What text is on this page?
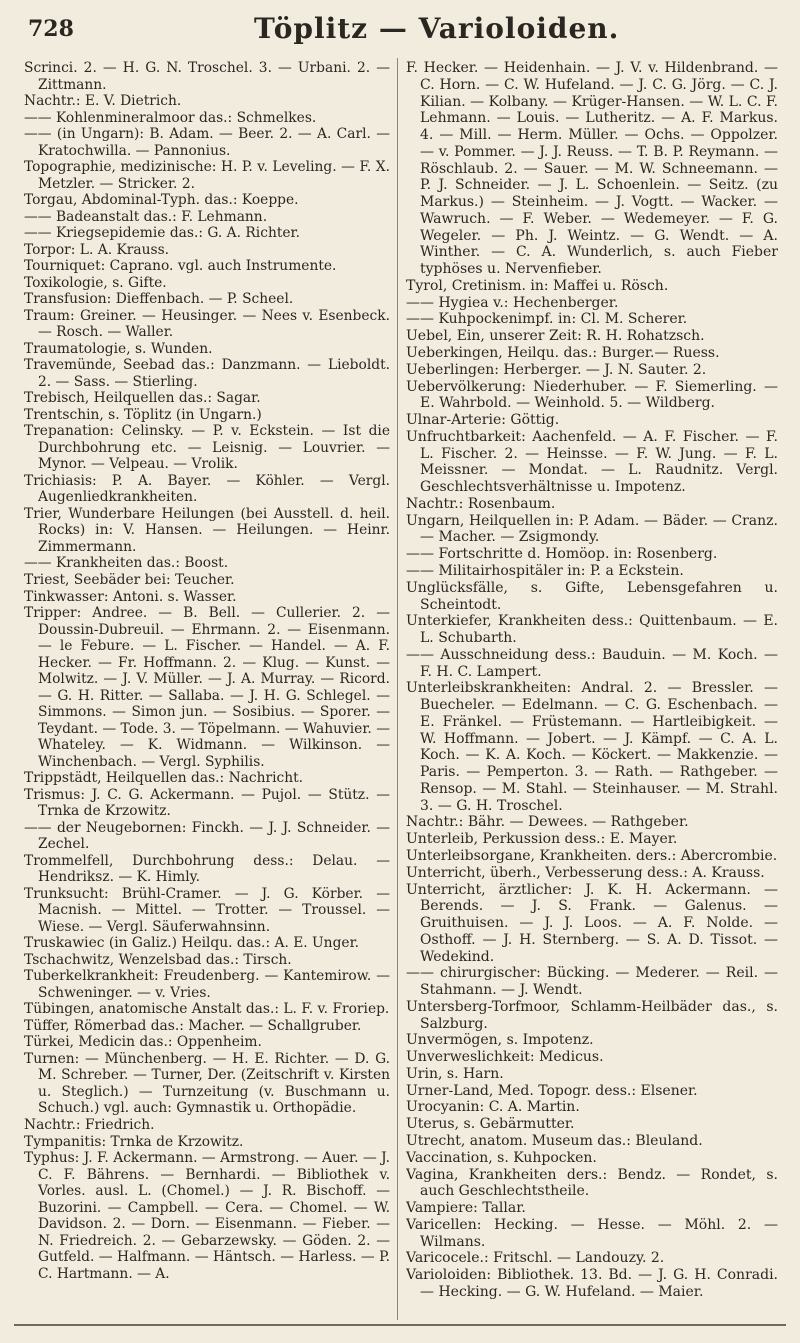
728	Töplitz — Varioloiden.

Scrinci. 2. — H. G. N. Troschel. 3. — Urbani. 2. — Zittmann.

Nachtr.: E. V. Dietrich.

—— Kohlenmineralmoor das.: Schmelkes.

—— (in Ungarn): B. Adam. — Beer. 2. — A. Carl. — Kratochwilla. — Pannonius.

Topographie, medizinische: H. P. v. Leveling. — F. X. Metzler. — Stricker. 2.

Torgau, Abdominal-Typh. das.: Koeppe.

—— Badeanstalt das.: F. Lehmann.

—— Kriegsepidemie das.: G. A. Richter.

Torpor: L. A. Krauss.

Tourniquet: Caprano. vgl. auch Instrumente.

Toxikologie, s. Gifte.

Transfusion: Dieffenbach. — P. Scheel.

Traum: Greiner. — Heusinger. — Nees v. Esenbeck. — Rosch. — Waller.

Traumatologie, s. Wunden.

Travemünde, Seebad das.: Danzmann. — Lieboldt. 2. — Sass. — Stierling.

Trebisch, Heilquellen das.: Sagar.

Trentschin, s. Töplitz (in Ungarn.)

Trepanation: Celinsky. — P. v. Eckstein. — Ist die Durchbohrung etc. — Leisnig. — Louvrier. — Mynor. — Velpeau. — Vrolik.

Trichiasis: P. A. Bayer. — Köhler. — Vergl. Augenliedkrankheiten.

Trier, Wunderbare Heilungen (bei Ausstell. d. heil. Rocks) in: V. Hansen. — Heilungen. — Heinr. Zimmermann.

—— Krankheiten das.: Boost.

Triest, Seebäder bei: Teucher.

Tinkwasser: Antoni. s. Wasser.

Tripper: Andree. — B. Bell. — Cullerier. 2. — Doussin-Dubreuil. — Ehrmann. 2. — Eisenmann. — le Febure. — L. Fischer. — Handel. — A. F. Hecker. — Fr. Hoffmann. 2. — Klug. — Kunst. — Molwitz. — J. V. Müller. — J. A. Murray. — Ricord. — G. H. Ritter. — Sallaba. — J. H. G. Schlegel. — Simmons. — Simon jun. — Sosibius. — Sporer. — Teydant. — Tode. 3. — Töpelmann. — Wahuvier. — Whateley. — K. Widmann. — Wilkinson. — Winchenbach. — Vergl. Syphilis.

Trippstädt, Heilquellen das.: Nachricht.

Trismus: J. C. G. Ackermann. — Pujol. — Stütz. — Trnka de Krzowitz.

—— der Neugebornen: Finckh. — J. J. Schneider. — Zechel.

Trommelfell, Durchbohrung dess.: Delau. — Hendriksz. — K. Himly.

Trunksucht: Brühl-Cramer. — J. G. Körber. — Macnish. — Mittel. — Trotter. — Troussel. — Wiese. — Vergl. Säuferwahnsinn.

Truskawiec (in Galiz.) Heilqu. das.: A. E. Unger.

Tschachwitz, Wenzelsbad das.: Tirsch.

Tuberkelkrankheit: Freudenberg. — Kantemirow. — Schweninger. — v. Vries.

Tübingen, anatomische Anstalt das.: L. F. v. Froriep.

Tüffer, Römerbad das.: Macher. — Schallgruber.

Türkei, Medicin das.: Oppenheim.

Turnen: — Münchenberg. — H. E. Richter. — D. G. M. Schreber. — Turner, Der. (Zeitschrift v. Kirsten u. Steglich.) — Turnzeitung (v. Buschmann u. Schuch.) vgl. auch: Gymnastik u. Orthopädie.

Nachtr.: Friedrich.

Tympanitis: Trnka de Krzowitz.

Typhus: J. F. Ackermann. — Armstrong. — Auer. — J. C. F. Bährens. — Bernhardi. — Bibliothek v. Vorles. ausl. L. (Chomel.) — J. R. Bischoff. — Buzorini. — Campbell. — Cera. — Chomel. — W. Davidson. 2. — Dorn. — Eisenmann. — Fieber. — N. Friedreich. 2. — Gebarzewsky. — Göden. 2. — Gutfeld. — Halfmann. — Häntsch. — Harless. — P. C. Hartmann. — A.

F. Hecker. — Heidenhain. — J. V. v. Hildenbrand. — C. Horn. — C. W. Hufeland. — J. C. G. Jörg. — C. J. Kilian. — Kolbany. — Krüger-Hansen. — W. L. C. F. Lehmann. — Louis. — Lutheritz. — A. F. Markus. 4. — Mill. — Herm. Müller. — Ochs. — Oppolzer. — v. Pommer. — J. J. Reuss. — T. B. P. Reymann. — Röschlaub. 2. — Sauer. — M. W. Schneemann. — P. J. Schneider. — J. L. Schoenlein. — Seitz. (zu Markus.) — Steinheim. — J. Vogtt. — Wacker. — Wawruch. — F. Weber. — Wedemeyer. — F. G. Wegeler. — Ph. J. Weintz. — G. Wendt. — A. Winther. — C. A. Wunderlich, s. auch Fieber typhöses u. Nervenfieber.

Tyrol, Cretinism. in: Maffei u. Rösch.

—— Hygiea v.: Hechenberger.

—— Kuhpockenimpf. in: Cl. M. Scherer.

Uebel, Ein, unserer Zeit: R. H. Rohatzsch.

Ueberkingen, Heilqu. das.: Burger.— Ruess.

Ueberlingen: Herberger. — J. N. Sauter. 2.

Uebervölkerung: Niederhuber. — F. Siemerling. — E. Wahrbold. — Weinhold. 5. — Wildberg.

Ulnar-Arterie: Göttig.

Unfruchtbarkeit: Aachenfeld. — A. F. Fischer. — F. L. Fischer. 2. — Heinsse. — F. W. Jung. — F. L. Meissner. — Mondat. — L. Raudnitz. Vergl. Geschlechtsverhältnisse u. Impotenz.

Nachtr.: Rosenbaum.

Ungarn, Heilquellen in: P. Adam. — Bäder. — Cranz. — Macher. — Zsigmondy.

—— Fortschritte d. Homöop. in: Rosenberg.

—— Militairhospitäler in: P. a Eckstein.

Unglücksfälle, s. Gifte, Lebensgefahren u. Scheintodt.

Unterkiefer, Krankheiten dess.: Quittenbaum. — E. L. Schubarth.

—— Ausschneidung dess.: Bauduin. — M. Koch. — F. H. C. Lampert.

Unterleibskrankheiten: Andral. 2. — Bressler. — Buecheler. — Edelmann. — C. G. Eschenbach. — E. Fränkel. — Früstemann. — Hartleibigkeit. — W. Hoffmann. — Jobert. — J. Kämpf. — C. A. L. Koch. — K. A. Koch. — Köckert. — Makkenzie. — Paris. — Pemperton. 3. — Rath. — Rathgeber. — Rensop. — M. Stahl. — Steinhauser. — M. Strahl. 3. — G. H. Troschel.

Nachtr.: Bähr. — Dewees. — Rathgeber.

Unterleib, Perkussion dess.: E. Mayer.

Unterleibsorgane, Krankheiten. ders.: Abercrombie.

Unterricht, überh., Verbesserung dess.: A. Krauss.

Unterricht, ärztlicher: J. K. H. Ackermann. — Berends. — J. S. Frank. — Galenus. — Gruithuisen. — J. J. Loos. — A. F. Nolde. — Osthoff. — J. H. Sternberg. — S. A. D. Tissot. — Wedekind.

—— chirurgischer: Bücking. — Mederer. — Reil. — Stahmann. — J. Wendt.

Untersberg-Torfmoor, Schlamm-Heilbäder das., s. Salzburg.

Unvermögen, s. Impotenz.

Unverweslichkeit: Medicus.

Urin, s. Harn.

Urner-Land, Med. Topogr. dess.: Elsener.

Urocyanin: C. A. Martin.

Uterus, s. Gebärmutter.

Utrecht, anatom. Museum das.: Bleuland.

Vaccination, s. Kuhpocken.

Vagina, Krankheiten ders.: Bendz. — Rondet, s. auch Geschlechtstheile.

Vampiere: Tallar.

Varicellen: Hecking. — Hesse. — Möhl. 2. — Wilmans.

Varicocele.: Fritschl. — Landouzy. 2.

Varioloiden: Bibliothek. 13. Bd. — J. G. H. Conradi. — Hecking. — G. W. Hufeland. — Maier.
